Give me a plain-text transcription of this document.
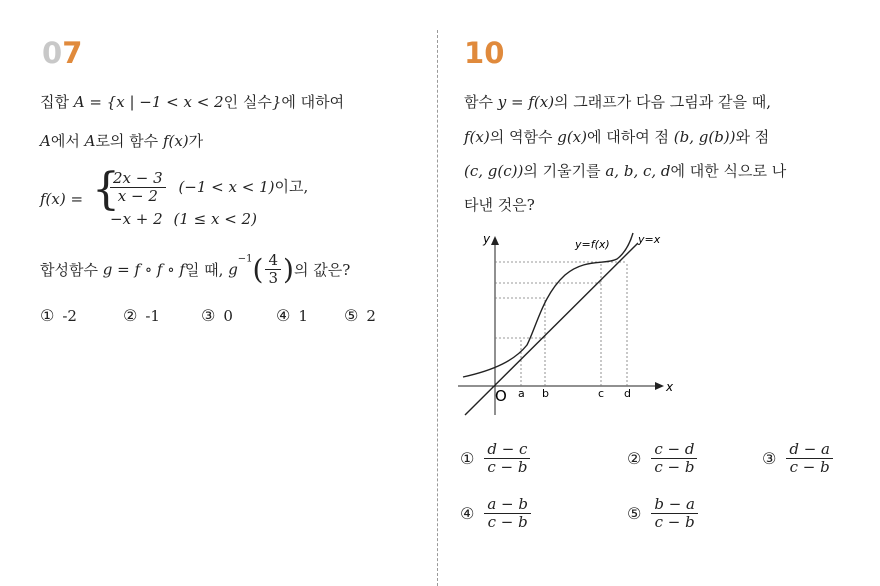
07
집합 A = {x | −1 < x < 2인 실수}에 대하여
A에서 A로의 함수 f(x)가
f(x) = {
$\frac{2x - 3}{x - 2} (-1 < x < 1)$이고,
−x + 2 (1 ≤ x < 2)
합성함수 g = f ∘ f ∘ f일 때, $g^{-1}( \frac{4}{3}$ )의 값은?
① -2	② -1	③ 0	④ 1 ⑤ 2
10
함수 y = f(x)의 그래프가 다음 그림과 같을 때,
f(x)의 역함수 g(x)에 대하여 점 (b, g(b))와 점
(c, g(c))의 기울기를 a, b, c, d에 대한 식으로 나
타낸 것은?
y
x
O
y=f(x)	y=x
a b	c d
① $\frac{d - c}{c - b}$	② $\frac{c - d}{c - b}$	③ $\frac{d - a}{c - b}$
④ $\frac{a - b}{c - b}$	⑤ $\frac{b - a}{c - b}$
